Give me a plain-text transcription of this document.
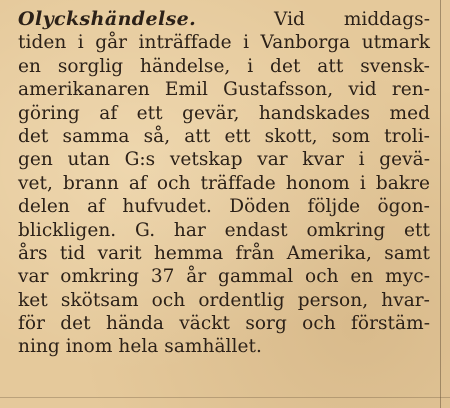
Olyckshändelse.	Vid middags-
tiden i går inträffade i Vanborga utmark
en sorglig händelse, i det att svensk-
amerikanaren Emil Gustafsson, vid ren-
göring af ett gevär, handskades med
det samma så, att ett skott, som troli-
gen utan G:s vetskap var kvar i gevä-
vet, brann af och träffade honom i bakre
delen af hufvudet. Döden följde ögon-
blickligen. G. har endast omkring ett
års tid varit hemma från Amerika, samt
var omkring 37 år gammal och en myc-
ket skötsam och ordentlig person, hvar-
för det hända väckt sorg och förstäm-
ning inom hela samhället.
